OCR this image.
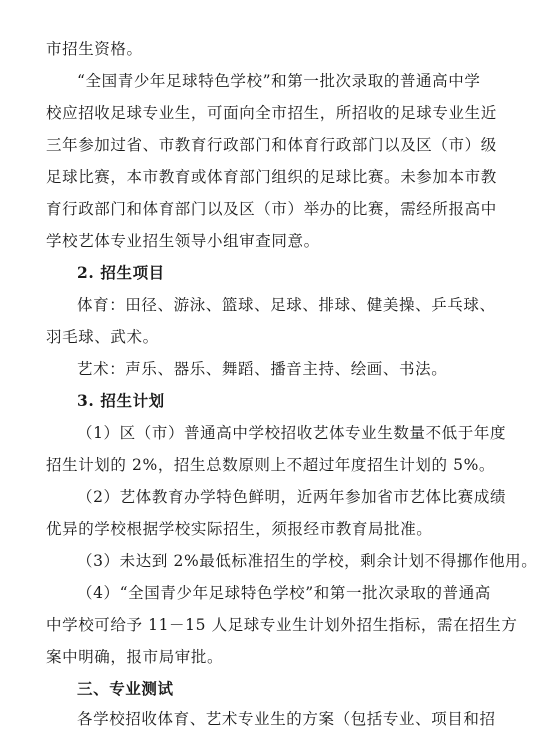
市招生资格。
“全国青少年足球特色学校”和第一批次录取的普通高中学
校应招收足球专业生，可面向全市招生，所招收的足球专业生近
三年参加过省、市教育行政部门和体育行政部门以及区（市）级
足球比赛，本市教育或体育部门组织的足球比赛。未参加本市教
育行政部门和体育部门以及区（市）举办的比赛，需经所报高中
学校艺体专业招生领导小组审查同意。
2. 招生项目
体育：田径、游泳、篮球、足球、排球、健美操、乒乓球、
羽毛球、武术。
艺术：声乐、器乐、舞蹈、播音主持、绘画、书法。
3. 招生计划
（1）区（市）普通高中学校招收艺体专业生数量不低于年度
招生计划的 2%，招生总数原则上不超过年度招生计划的 5%。
（2）艺体教育办学特色鲜明，近两年参加省市艺体比赛成绩
优异的学校根据学校实际招生，须报经市教育局批准。
（3）未达到 2%最低标准招生的学校，剩余计划不得挪作他用。
（4）“全国青少年足球特色学校”和第一批次录取的普通高
中学校可给予 11－15 人足球专业生计划外招生指标，需在招生方
案中明确，报市局审批。
三、专业测试
各学校招收体育、艺术专业生的方案（包括专业、项目和招
